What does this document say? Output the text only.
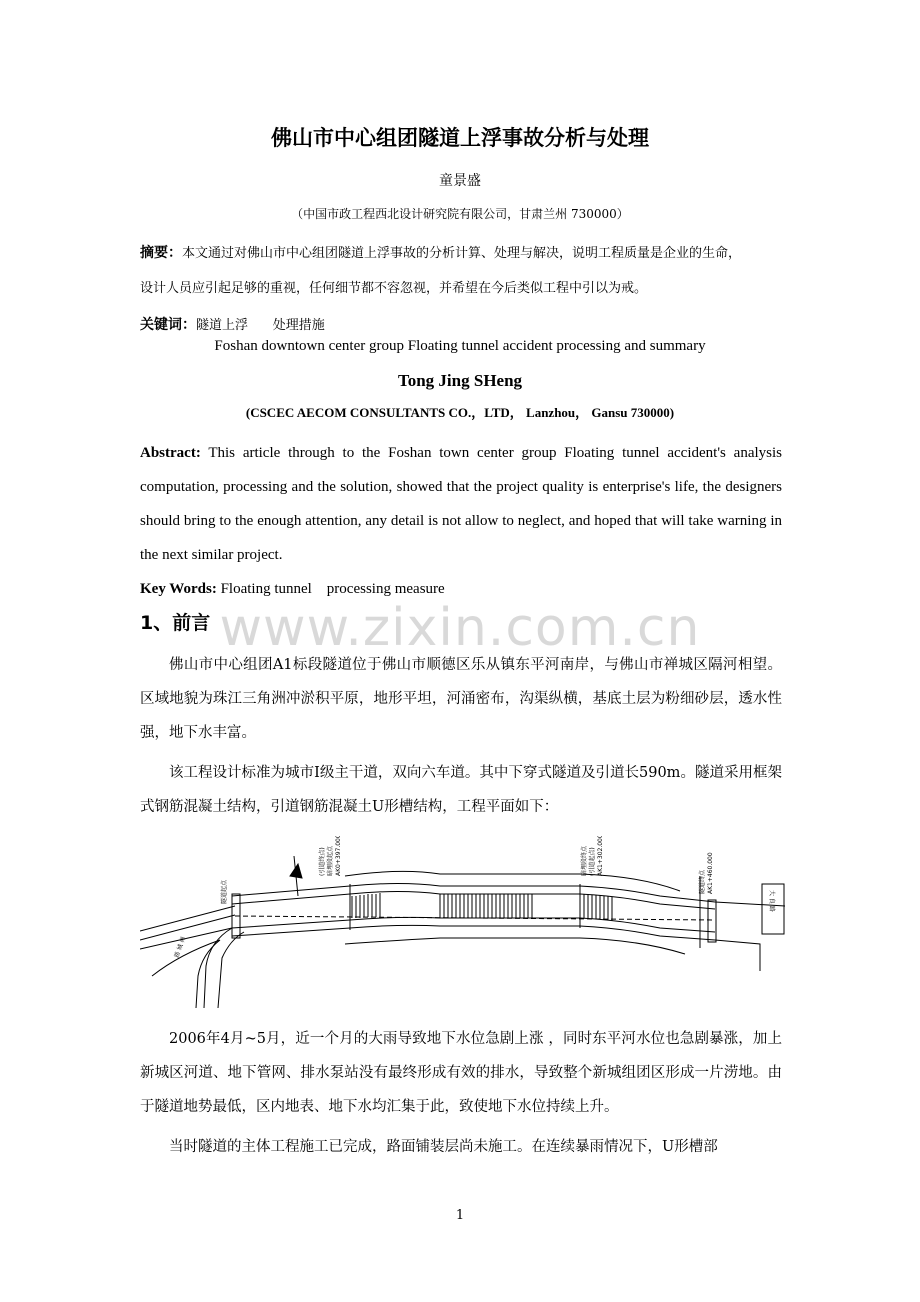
佛山市中心组团隧道上浮事故分析与处理
童景盛
（中国市政工程西北设计研究院有限公司，甘肃兰州 730000）
摘要：本文通过对佛山市中心组团隧道上浮事故的分析计算、处理与解决，说明工程质量是企业的生命，
设计人员应引起足够的重视，任何细节都不容忽视，并希望在今后类似工程中引以为戒。
关键词：隧道上浮      处理措施
Foshan downtown center group Floating tunnel accident processing and summary
Tong Jing SHeng
(CSCEC AECOM CONSULTANTS CO.，LTD， Lanzhou， Gansu 730000)
Abstract: This article through to the Foshan town center group Floating tunnel accident's analysis computation, processing and the solution, showed that the project quality is enterprise's life, the designers should bring to the enough attention, any detail is not allow to neglect, and hoped that will take warning in the next similar project.
Key Words: Floating tunnel    processing measure
www.zixin.com.cn
1、前言
佛山市中心组团A1标段隧道位于佛山市顺德区乐从镇东平河南岸，与佛山市禅城区隔河相望。区域地貌为珠江三角洲冲淤积平原，地形平坦，河涌密布，沟渠纵横，基底土层为粉细砂层，透水性强，地下水丰富。
该工程设计标准为城市I级主干道，双向六车道。其中下穿式隧道及引道长590m。隧道采用框架式钢筋混凝土结构，引道钢筋混凝土U形槽结构，工程平面如下：
(引道终点) 暗埋段起点 AK0+397.000	暗埋段终点 (引道起点) AK1+302.000	AK1+460.000
隧道终点
隧道起点	大 良 路
路 城 禅
2006年4月~5月，近一个月的大雨导致地下水位急剧上涨 ，同时东平河水位也急剧暴涨，加上新城区河道、地下管网、排水泵站没有最终形成有效的排水，导致整个新城组团区形成一片涝地。由于隧道地势最低，区内地表、地下水均汇集于此，致使地下水位持续上升。
当时隧道的主体工程施工已完成，路面铺装层尚未施工。在连续暴雨情况下，U形槽部
1
